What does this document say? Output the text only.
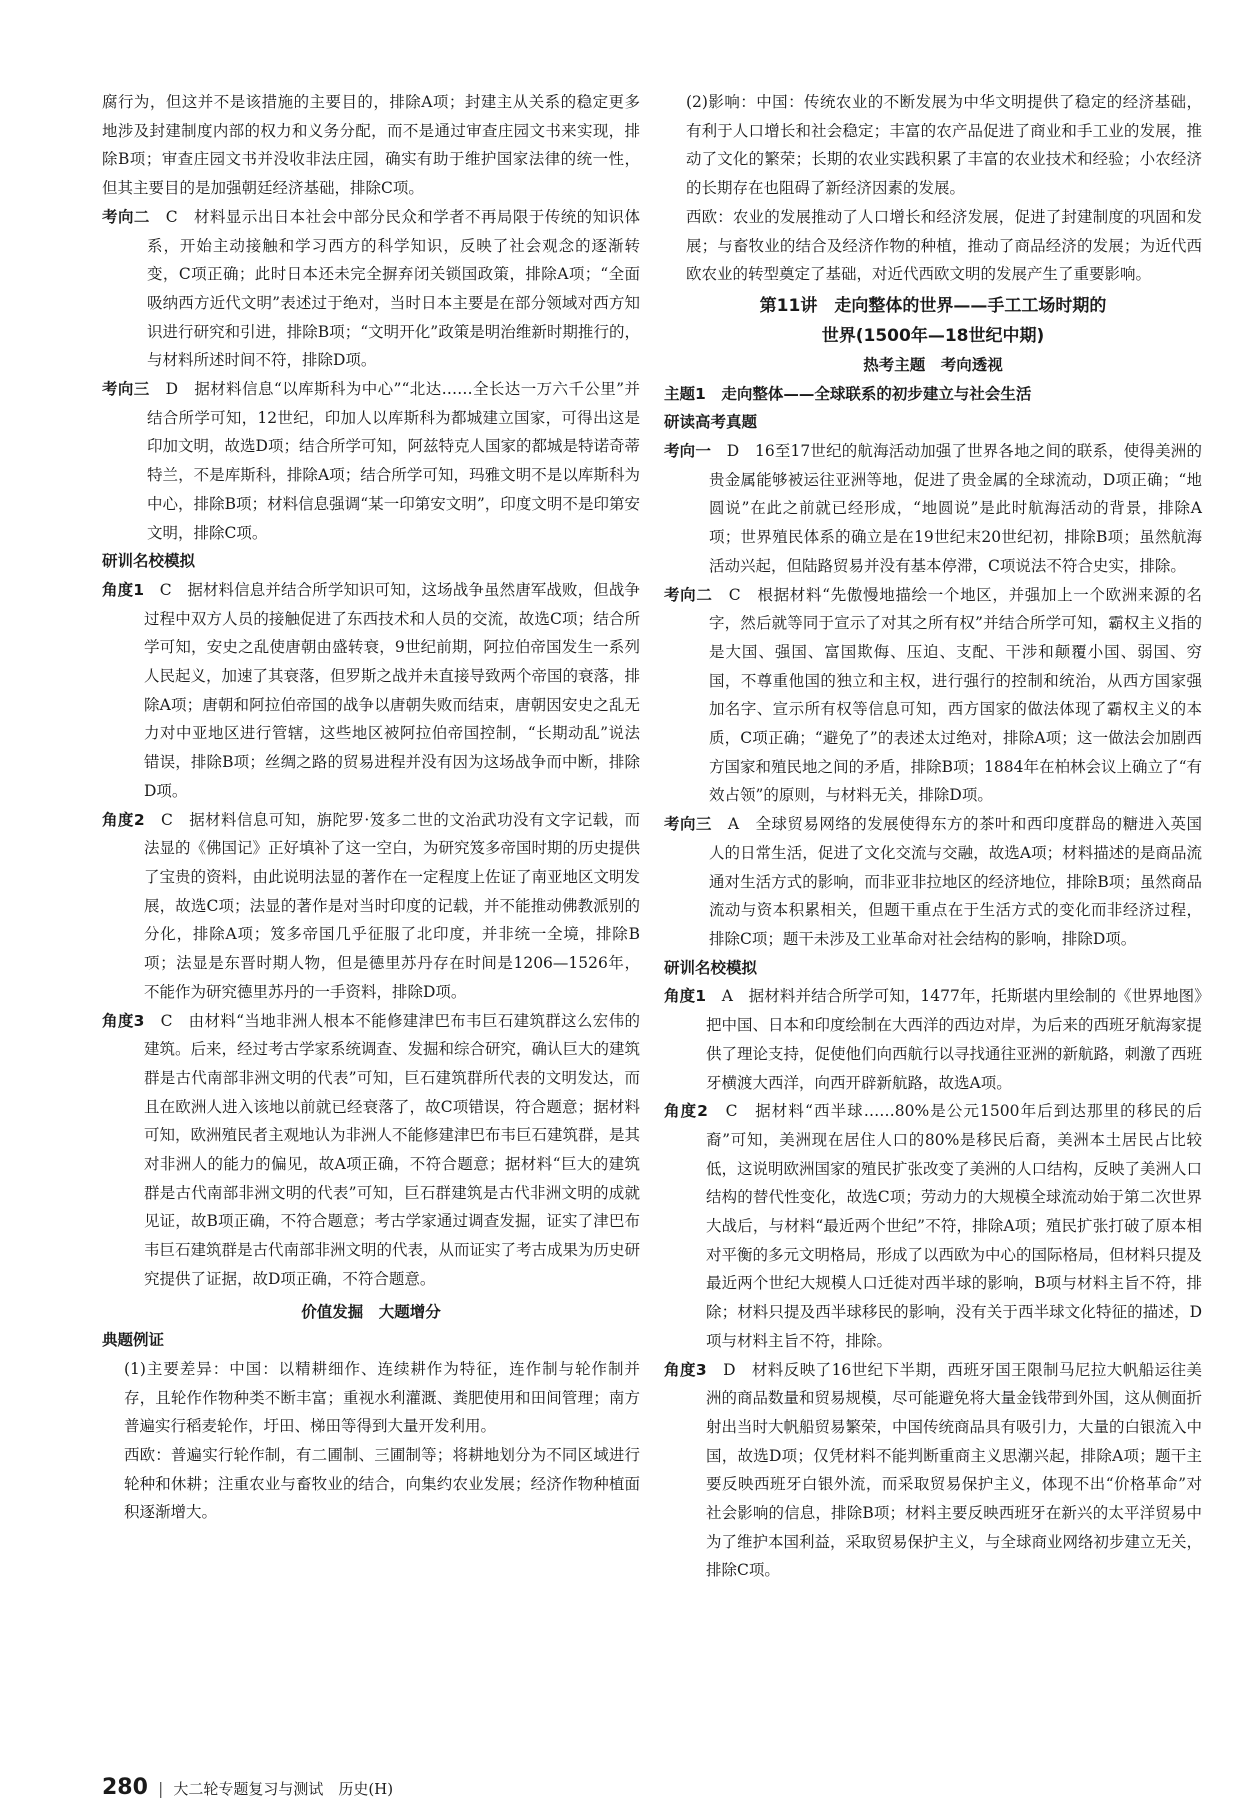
腐行为，但这并不是该措施的主要目的，排除A项；封建主从关系的稳定更多地涉及封建制度内部的权力和义务分配，而不是通过审查庄园文书来实现，排除B项；审查庄园文书并没收非法庄园，确实有助于维护国家法律的统一性，但其主要目的是加强朝廷经济基础，排除C项。

考向二　 C　材料显示出日本社会中部分民众和学者不再局限于传统的知识体系，开始主动接触和学习西方的科学知识，反映了社会观念的逐渐转变，C项正确；此时日本还未完全摒弃闭关锁国政策，排除A项；“全面吸纳西方近代文明”表述过于绝对，当时日本主要是在部分领域对西方知识进行研究和引进，排除B项；“文明开化”政策是明治维新时期推行的，与材料所述时间不符，排除D项。

考向三　 D　据材料信息“以库斯科为中心”“北达……全长达一万六千公里”并结合所学可知，12世纪，印加人以库斯科为都城建立国家，可得出这是印加文明，故选D项；结合所学可知，阿兹特克人国家的都城是特诺奇蒂特兰，不是库斯科，排除A项；结合所学可知，玛雅文明不是以库斯科为中心，排除B项；材料信息强调“某一印第安文明”，印度文明不是印第安文明，排除C项。

研训名校模拟

角度1　 C　据材料信息并结合所学知识可知，这场战争虽然唐军战败，但战争过程中双方人员的接触促进了东西技术和人员的交流，故选C项；结合所学可知，安史之乱使唐朝由盛转衰，9世纪前期，阿拉伯帝国发生一系列人民起义，加速了其衰落，但罗斯之战并未直接导致两个帝国的衰落，排除A项；唐朝和阿拉伯帝国的战争以唐朝失败而结束，唐朝因安史之乱无力对中亚地区进行管辖，这些地区被阿拉伯帝国控制，“长期动乱”说法错误，排除B项；丝绸之路的贸易进程并没有因为这场战争而中断，排除D项。

角度2　 C　据材料信息可知，旃陀罗·笈多二世的文治武功没有文字记载，而法显的《佛国记》正好填补了这一空白，为研究笈多帝国时期的历史提供了宝贵的资料，由此说明法显的著作在一定程度上佐证了南亚地区文明发展，故选C项；法显的著作是对当时印度的记载，并不能推动佛教派别的分化，排除A项；笈多帝国几乎征服了北印度，并非统一全境，排除B项；法显是东晋时期人物，但是德里苏丹存在时间是1206—1526年，不能作为研究德里苏丹的一手资料，排除D项。

角度3　 C　由材料“当地非洲人根本不能修建津巴布韦巨石建筑群这么宏伟的建筑。后来，经过考古学家系统调查、发掘和综合研究，确认巨大的建筑群是古代南部非洲文明的代表”可知，巨石建筑群所代表的文明发达，而且在欧洲人进入该地以前就已经衰落了，故C项错误，符合题意；据材料可知，欧洲殖民者主观地认为非洲人不能修建津巴布韦巨石建筑群，是其对非洲人的能力的偏见，故A项正确，不符合题意；据材料“巨大的建筑群是古代南部非洲文明的代表”可知，巨石群建筑是古代非洲文明的成就见证，故B项正确，不符合题意；考古学家通过调查发掘，证实了津巴布韦巨石建筑群是古代南部非洲文明的代表，从而证实了考古成果为历史研究提供了证据，故D项正确，不符合题意。

价值发掘　大题增分

典题例证

(1)主要差异：中国：以精耕细作、连续耕作为特征，连作制与轮作制并存，且轮作作物种类不断丰富；重视水利灌溉、粪肥使用和田间管理；南方普遍实行稻麦轮作，圩田、梯田等得到大量开发利用。

西欧：普遍实行轮作制，有二圃制、三圃制等；将耕地划分为不同区域进行轮种和休耕；注重农业与畜牧业的结合，向集约农业发展；经济作物种植面积逐渐增大。

(2)影响：中国：传统农业的不断发展为中华文明提供了稳定的经济基础，有利于人口增长和社会稳定；丰富的农产品促进了商业和手工业的发展，推动了文化的繁荣；长期的农业实践积累了丰富的农业技术和经验；小农经济的长期存在也阻碍了新经济因素的发展。

西欧：农业的发展推动了人口增长和经济发展，促进了封建制度的巩固和发展；与畜牧业的结合及经济作物的种植，推动了商品经济的发展；为近代西欧农业的转型奠定了基础，对近代西欧文明的发展产生了重要影响。

第11讲　走向整体的世界——手工工场时期的

世界(1500年—18世纪中期)

热考主题　考向透视

主题1　 走向整体——全球联系的初步建立与社会生活

研读高考真题

考向一　 D　16至17世纪的航海活动加强了世界各地之间的联系，使得美洲的贵金属能够被运往亚洲等地，促进了贵金属的全球流动，D项正确；“地圆说”在此之前就已经形成，“地圆说”是此时航海活动的背景，排除A项；世界殖民体系的确立是在19世纪末20世纪初，排除B项；虽然航海活动兴起，但陆路贸易并没有基本停滞，C项说法不符合史实，排除。

考向二　 C　根据材料“先傲慢地描绘一个地区，并强加上一个欧洲来源的名字，然后就等同于宣示了对其之所有权”并结合所学可知，霸权主义指的是大国、强国、富国欺侮、压迫、支配、干涉和颠覆小国、弱国、穷国，不尊重他国的独立和主权，进行强行的控制和统治，从西方国家强加名字、宣示所有权等信息可知，西方国家的做法体现了霸权主义的本质，C项正确；“避免了”的表述太过绝对，排除A项；这一做法会加剧西方国家和殖民地之间的矛盾，排除B项；1884年在柏林会议上确立了“有效占领”的原则，与材料无关，排除D项。

考向三　 A　全球贸易网络的发展使得东方的茶叶和西印度群岛的糖进入英国人的日常生活，促进了文化交流与交融，故选A项；材料描述的是商品流通对生活方式的影响，而非亚非拉地区的经济地位，排除B项；虽然商品流动与资本积累相关，但题干重点在于生活方式的变化而非经济过程，排除C项；题干未涉及工业革命对社会结构的影响，排除D项。

研训名校模拟

角度1　 A　据材料并结合所学可知，1477年，托斯堪内里绘制的《世界地图》把中国、日本和印度绘制在大西洋的西边对岸，为后来的西班牙航海家提供了理论支持，促使他们向西航行以寻找通往亚洲的新航路，刺激了西班牙横渡大西洋，向西开辟新航路，故选A项。

角度2　 C　据材料“西半球……80%是公元1500年后到达那里的移民的后裔”可知，美洲现在居住人口的80%是移民后裔，美洲本土居民占比较低，这说明欧洲国家的殖民扩张改变了美洲的人口结构，反映了美洲人口结构的替代性变化，故选C项；劳动力的大规模全球流动始于第二次世界大战后，与材料“最近两个世纪”不符，排除A项；殖民扩张打破了原本相对平衡的多元文明格局，形成了以西欧为中心的国际格局，但材料只提及最近两个世纪大规模人口迁徙对西半球的影响，B项与材料主旨不符，排除；材料只提及西半球移民的影响，没有关于西半球文化特征的描述，D项与材料主旨不符，排除。

角度3　 D　材料反映了16世纪下半期，西班牙国王限制马尼拉大帆船运往美洲的商品数量和贸易规模，尽可能避免将大量金钱带到外国，这从侧面折射出当时大帆船贸易繁荣，中国传统商品具有吸引力，大量的白银流入中国，故选D项；仅凭材料不能判断重商主义思潮兴起，排除A项；题干主要反映西班牙白银外流，而采取贸易保护主义，体现不出“价格革命”对社会影响的信息，排除B项；材料主要反映西班牙在新兴的太平洋贸易中为了维护本国利益，采取贸易保护主义，与全球商业网络初步建立无关，排除C项。

280 | 大二轮专题复习与测试　历史(H)
